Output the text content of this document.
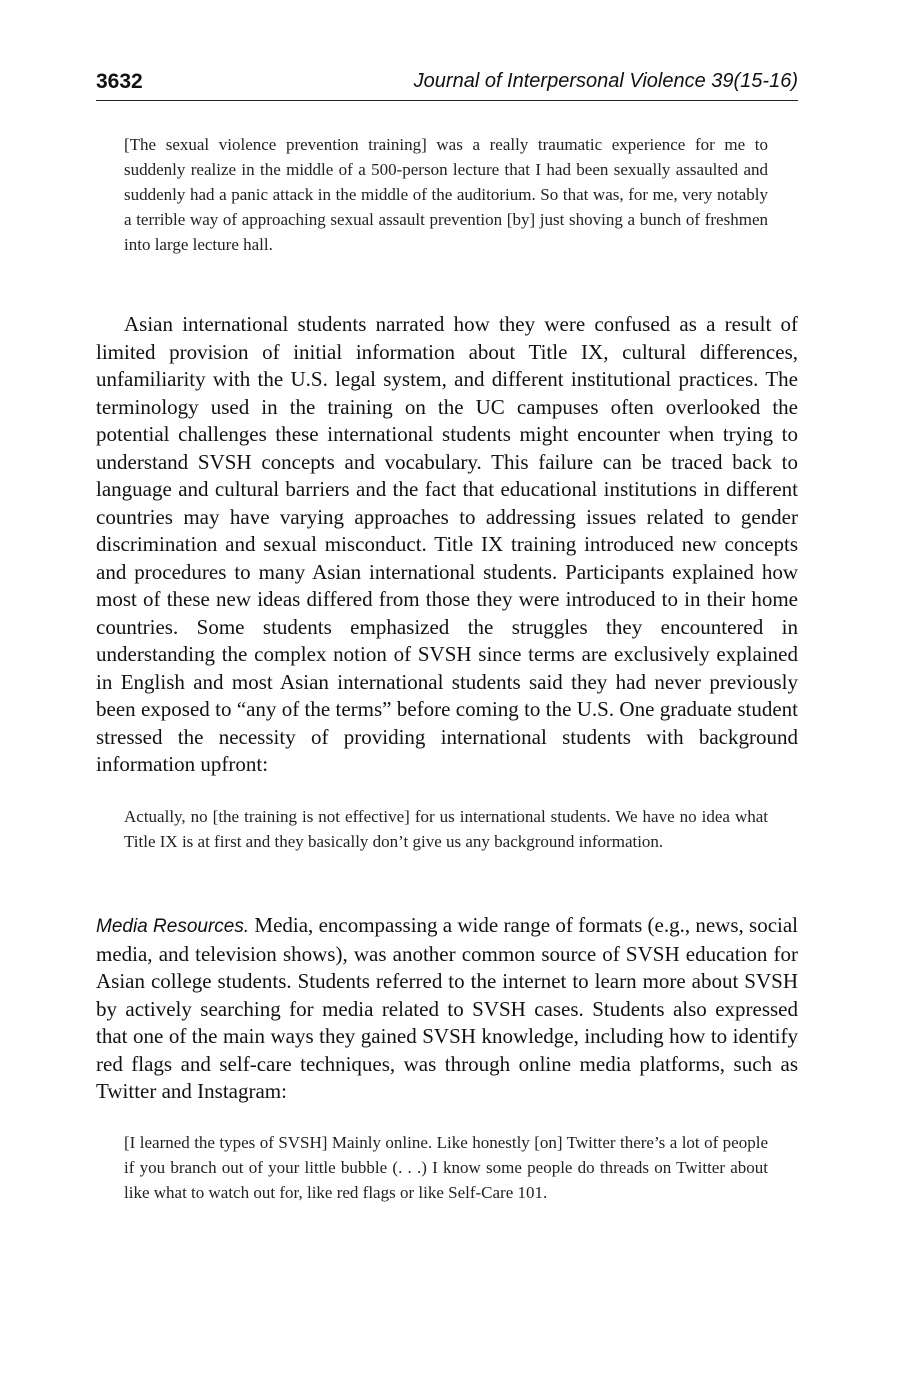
3632	Journal of Interpersonal Violence 39(15-16)

[The sexual violence prevention training] was a really traumatic experience for me to suddenly realize in the middle of a 500-person lecture that I had been sexually assaulted and suddenly had a panic attack in the middle of the auditorium. So that was, for me, very notably a terrible way of approaching sexual assault prevention [by] just shoving a bunch of freshmen into large lecture hall.

Asian international students narrated how they were confused as a result of limited provision of initial information about Title IX, cultural differences, unfamiliarity with the U.S. legal system, and different institutional practices. The terminology used in the training on the UC campuses often overlooked the potential challenges these international students might encounter when trying to understand SVSH concepts and vocabulary. This failure can be traced back to language and cultural barriers and the fact that educational institutions in different countries may have varying approaches to addressing issues related to gender discrimination and sexual misconduct. Title IX training introduced new concepts and procedures to many Asian international students. Participants explained how most of these new ideas differed from those they were introduced to in their home countries. Some students emphasized the struggles they encountered in understanding the complex notion of SVSH since terms are exclusively explained in English and most Asian international students said they had never previously been exposed to “any of the terms” before coming to the U.S. One graduate student stressed the necessity of providing international students with background information upfront:

Actually, no [the training is not effective] for us international students. We have no idea what Title IX is at first and they basically don’t give us any background information.

Media Resources. Media, encompassing a wide range of formats (e.g., news, social media, and television shows), was another common source of SVSH education for Asian college students. Students referred to the internet to learn more about SVSH by actively searching for media related to SVSH cases. Students also expressed that one of the main ways they gained SVSH knowledge, including how to identify red flags and self-care techniques, was through online media platforms, such as Twitter and Instagram:

[I learned the types of SVSH] Mainly online. Like honestly [on] Twitter there’s a lot of people if you branch out of your little bubble (. . .) I know some people do threads on Twitter about like what to watch out for, like red flags or like Self-Care 101.
